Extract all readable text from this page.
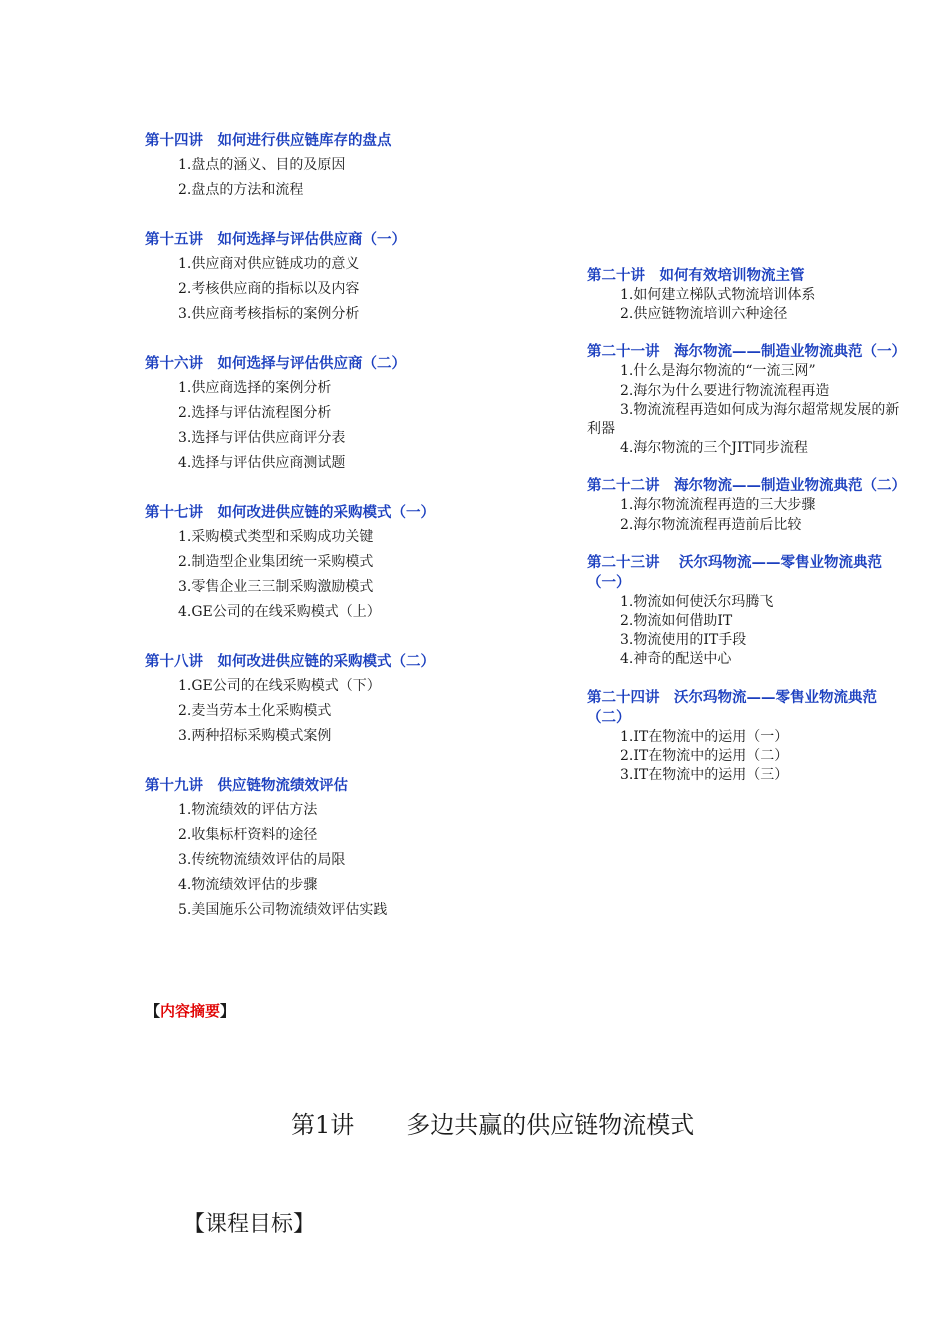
第十四讲　如何进行供应链库存的盘点
1.盘点的涵义、目的及原因
2.盘点的方法和流程
第十五讲　如何选择与评估供应商（一）
1.供应商对供应链成功的意义
2.考核供应商的指标以及内容
3.供应商考核指标的案例分析
第十六讲　如何选择与评估供应商（二）
1.供应商选择的案例分析
2.选择与评估流程图分析
3.选择与评估供应商评分表
4.选择与评估供应商测试题
第十七讲　如何改进供应链的采购模式（一）
1.采购模式类型和采购成功关键
2.制造型企业集团统一采购模式
3.零售企业三三制采购激励模式
4.GE公司的在线采购模式（上）
第十八讲　如何改进供应链的采购模式（二）
1.GE公司的在线采购模式（下）
2.麦当劳本土化采购模式
3.两种招标采购模式案例
第十九讲　供应链物流绩效评估
1.物流绩效的评估方法
2.收集标杆资料的途径
3.传统物流绩效评估的局限
4.物流绩效评估的步骤
5.美国施乐公司物流绩效评估实践
第二十讲　如何有效培训物流主管
1.如何建立梯队式物流培训体系
2.供应链物流培训六种途径
第二十一讲　海尔物流——制造业物流典范（一）
1.什么是海尔物流的“一流三网”
2.海尔为什么要进行物流流程再造
3.物流流程再造如何成为海尔超常规发展的新利器
4.海尔物流的三个JIT同步流程
第二十二讲　海尔物流——制造业物流典范（二）
1.海尔物流流程再造的三大步骤
2.海尔物流流程再造前后比较
第二十三讲　 沃尔玛物流——零售业物流典范（一）
1.物流如何使沃尔玛腾飞
2.物流如何借助IT
3.物流使用的IT手段
4.神奇的配送中心
第二十四讲　沃尔玛物流——零售业物流典范（二）
1.IT在物流中的运用（一）
2.IT在物流中的运用（二）
3.IT在物流中的运用（三）
【内容摘要】
第1讲 多边共赢的供应链物流模式
【课程目标】
